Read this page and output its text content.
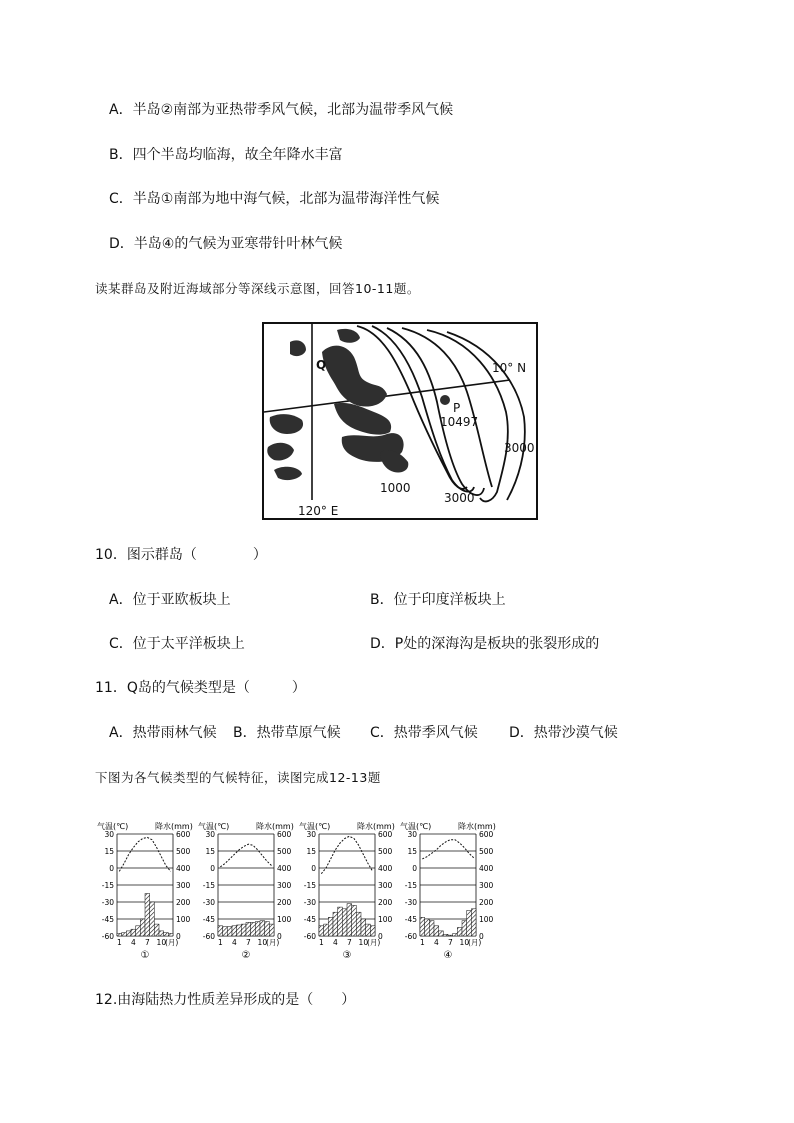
A．半岛②南部为亚热带季风气候，北部为温带季风气候
B．四个半岛均临海，故全年降水丰富
C．半岛①南部为地中海气候，北部为温带海洋性气候
D．半岛④的气候为亚寒带针叶林气候
读某群岛及附近海域部分等深线示意图，回答10-11题。
Q
P
10497
1000
3000
3000
10° N
120° E
10．图示群岛（　　　　）
A．位于亚欧板块上	B．位于印度洋板块上
C．位于太平洋板块上	D．P处的深海沟是板块的张裂形成的
11．Q岛的气候类型是（　　　）
A．热带雨林气候 B．热带草原气候 C．热带季风气候 D．热带沙漠气候
下图为各气候类型的气候特征，读图完成12-13题
气温(℃)	降水(mm)
30	600
15	500
0	400
-15	300
-30	200
-45	100
-60	0
1 4 7 10
(月)
①
气温(℃)	降水(mm)
30	600
15	500
0	400
-15	300
-30	200
-45	100
-60	0
1 4 7 10
(月)
②
气温(℃)	降水(mm)
30	600
15	500
0	400
-15	300
-30	200
-45	100
-60	0
1 4 7 10
(月)
③
气温(℃)	降水(mm)
30	600
15	500
0	400
-15	300
-30	200
-45	100
-60	0
1 4 7 10
(月)
④
12.由海陆热力性质差异形成的是（　　）
